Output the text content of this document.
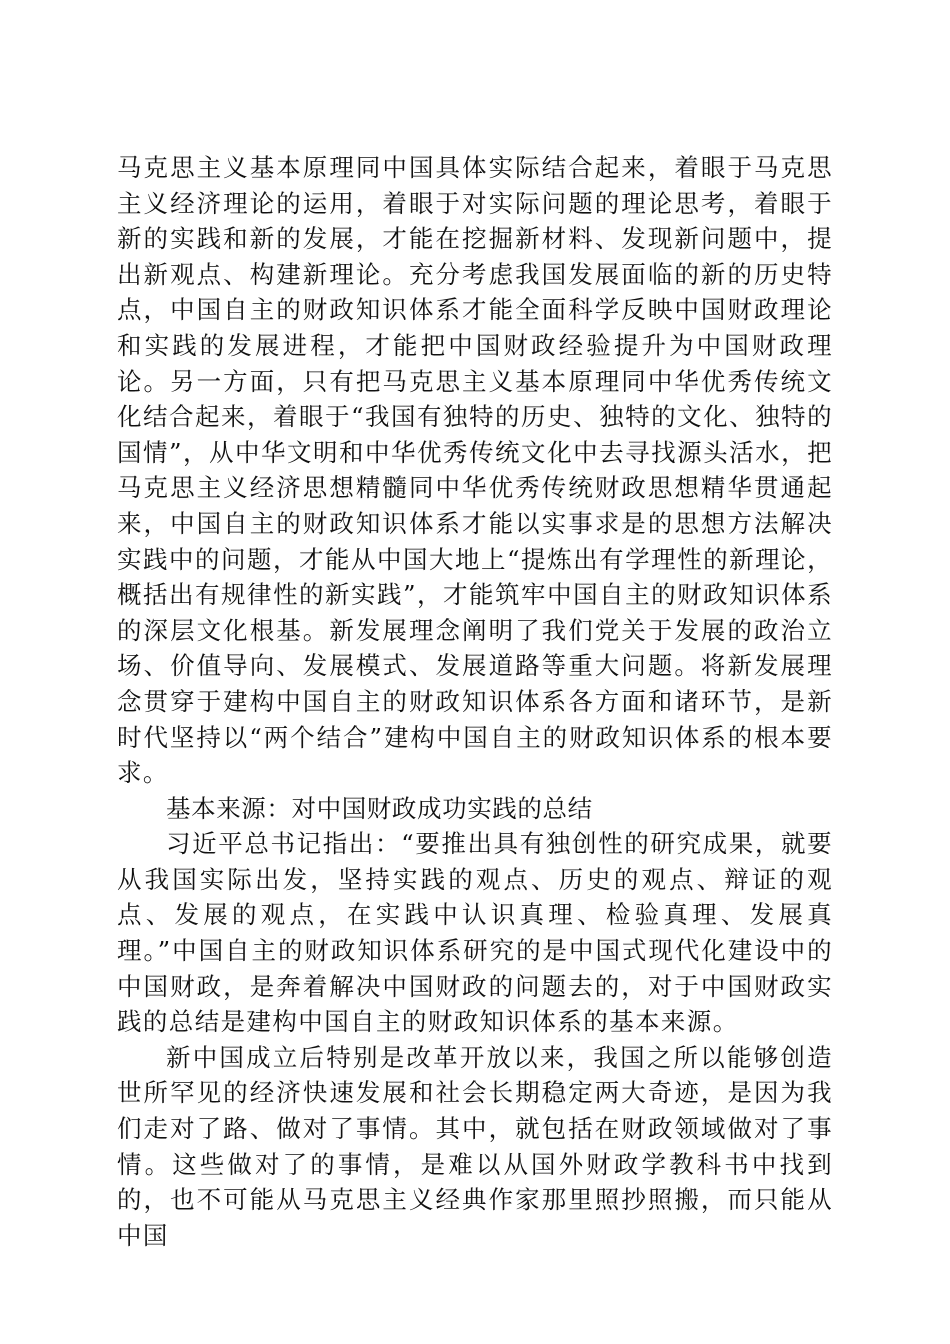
马克思主义基本原理同中国具体实际结合起来，着眼于马克思主义经济理论的运用，着眼于对实际问题的理论思考，着眼于新的实践和新的发展，才能在挖掘新材料、发现新问题中，提出新观点、构建新理论。充分考虑我国发展面临的新的历史特点，中国自主的财政知识体系才能全面科学反映中国财政理论和实践的发展进程，才能把中国财政经验提升为中国财政理论。另一方面，只有把马克思主义基本原理同中华优秀传统文化结合起来，着眼于“我国有独特的历史、独特的文化、独特的国情”，从中华文明和中华优秀传统文化中去寻找源头活水，把马克思主义经济思想精髓同中华优秀传统财政思想精华贯通起来，中国自主的财政知识体系才能以实事求是的思想方法解决实践中的问题，才能从中国大地上“提炼出有学理性的新理论，概括出有规律性的新实践”，才能筑牢中国自主的财政知识体系的深层文化根基。新发展理念阐明了我们党关于发展的政治立场、价值导向、发展模式、发展道路等重大问题。将新发展理念贯穿于建构中国自主的财政知识体系各方面和诸环节，是新时代坚持以“两个结合”建构中国自主的财政知识体系的根本要求。

基本来源：对中国财政成功实践的总结

习近平总书记指出：“要推出具有独创性的研究成果，就要从我国实际出发，坚持实践的观点、历史的观点、辩证的观点、发展的观点，在实践中认识真理、检验真理、发展真理。”中国自主的财政知识体系研究的是中国式现代化建设中的中国财政，是奔着解决中国财政的问题去的，对于中国财政实践的总结是建构中国自主的财政知识体系的基本来源。

新中国成立后特别是改革开放以来，我国之所以能够创造世所罕见的经济快速发展和社会长期稳定两大奇迹，是因为我们走对了路、做对了事情。其中，就包括在财政领域做对了事情。这些做对了的事情，是难以从国外财政学教科书中找到的，也不可能从马克思主义经典作家那里照抄照搬，而只能从中国
